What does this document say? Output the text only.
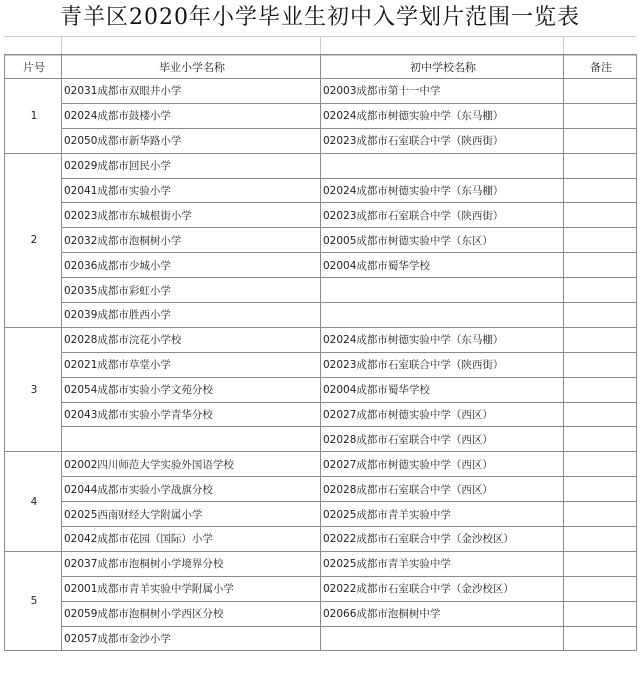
青羊区2020年小学毕业生初中入学划片范围一览表
片号	毕业小学名称	初中学校名称	备注
1	02031成都市双眼井小学	02003成都市第十一中学	
	02024成都市鼓楼小学	02024成都市树德实验中学（东马棚）	
	02050成都市新华路小学	02023成都市石室联合中学（陕西街）	
2	02029成都市回民小学		
	02041成都市实验小学	02024成都市树德实验中学（东马棚）	
	02023成都市东城根街小学	02023成都市石室联合中学（陕西街）	
	02032成都市泡桐树小学	02005成都市树德实验中学（东区）	
	02036成都市少城小学	02004成都市蜀华学校	
	02035成都市彩虹小学		
	02039成都市胜西小学		
3	02028成都市浣花小学校	02024成都市树德实验中学（东马棚）	
	02021成都市草堂小学	02023成都市石室联合中学（陕西街）	
	02054成都市实验小学文苑分校	02004成都市蜀华学校	
	02043成都市实验小学青华分校	02027成都市树德实验中学（西区）	
		02028成都市石室联合中学（西区）	
4	02002四川师范大学实验外国语学校	02027成都市树德实验中学（西区）	
	02044成都市实验小学战旗分校	02028成都市石室联合中学（西区）	
	02025西南财经大学附属小学	02025成都市青羊实验中学	
	02042成都市花园（国际）小学	02022成都市石室联合中学（金沙校区）	
5	02037成都市泡桐树小学境界分校	02025成都市青羊实验中学	
	02001成都市青羊实验中学附属小学	02022成都市石室联合中学（金沙校区）	
	02059成都市泡桐树小学西区分校	02066成都市泡桐树中学	
	02057成都市金沙小学		
